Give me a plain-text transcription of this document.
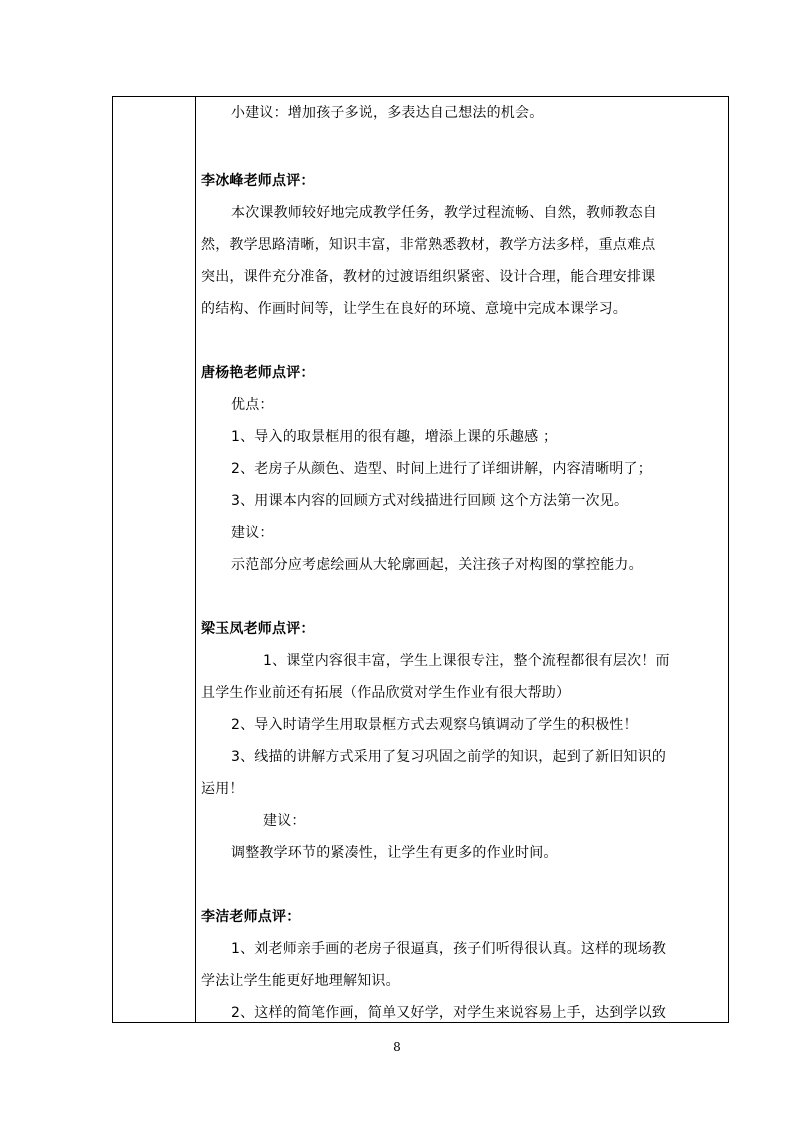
小建议：增加孩子多说，多表达自己想法的机会。
李冰峰老师点评：
本次课教师较好地完成教学任务，教学过程流畅、自然，教师教态自
然，教学思路清晰，知识丰富，非常熟悉教材，教学方法多样，重点难点
突出，课件充分准备，教材的过渡语组织紧密、设计合理，能合理安排课
的结构、作画时间等，让学生在良好的环境、意境中完成本课学习。
唐杨艳老师点评：
优点：
1、导入的取景框用的很有趣，增添上课的乐趣感 ；
2、老房子从颜色、造型、时间上进行了详细讲解，内容清晰明了；
3、用课本内容的回顾方式对线描进行回顾 这个方法第一次见。
建议：
示范部分应考虑绘画从大轮廓画起，关注孩子对构图的掌控能力。
梁玉凤老师点评：
1、课堂内容很丰富，学生上课很专注，整个流程都很有层次！而
且学生作业前还有拓展（作品欣赏对学生作业有很大帮助）
2、导入时请学生用取景框方式去观察乌镇调动了学生的积极性！
3、线描的讲解方式采用了复习巩固之前学的知识，起到了新旧知识的
运用！
建议：
调整教学环节的紧凑性，让学生有更多的作业时间。
李洁老师点评：
1、刘老师亲手画的老房子很逼真，孩子们听得很认真。这样的现场教
学法让学生能更好地理解知识。
2、这样的简笔作画，简单又好学，对学生来说容易上手，达到学以致
8
